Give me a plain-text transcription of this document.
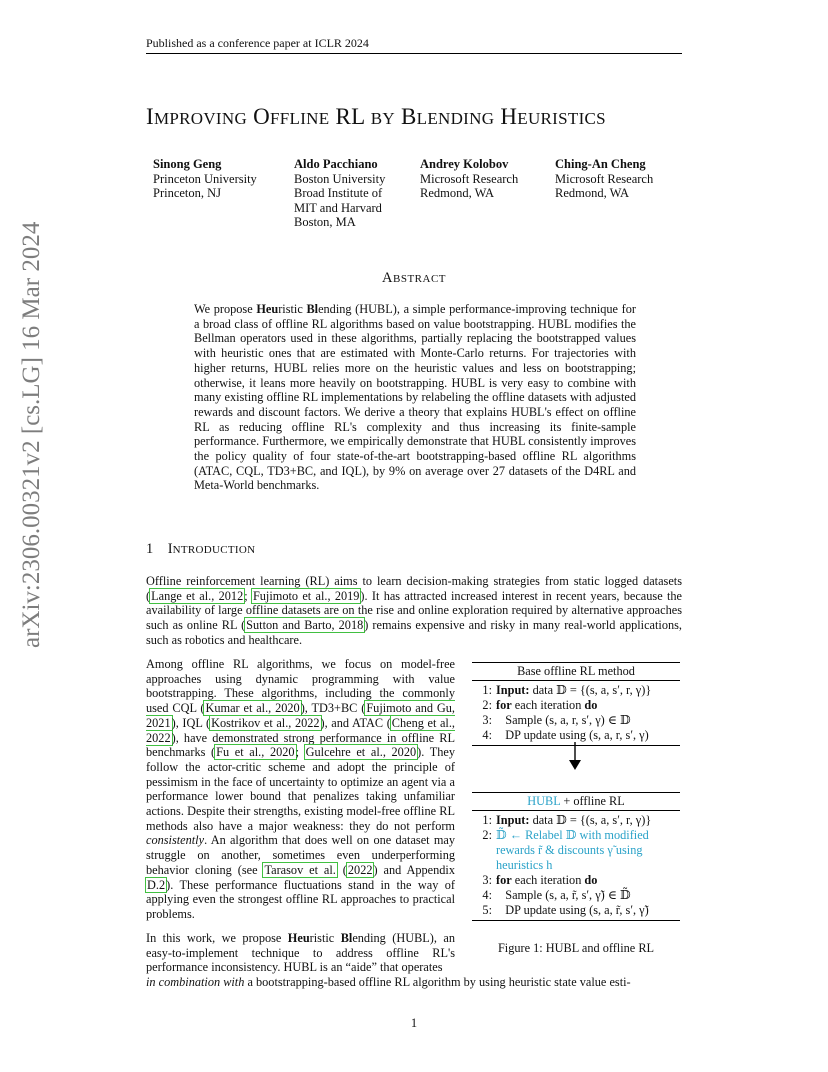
Published as a conference paper at ICLR 2024
IMPROVING OFFLINE RL BY BLENDING HEURISTICS
Sinong Geng
Princeton University
Princeton, NJ
Aldo Pacchiano
Boston University
Broad Institute of
MIT and Harvard
Boston, MA
Andrey Kolobov
Microsoft Research
Redmond, WA
Ching-An Cheng
Microsoft Research
Redmond, WA
arXiv:2306.00321v2 [cs.LG] 16 Mar 2024	ABSTRACT
We propose Heuristic Blending (HUBL), a simple performance-improving technique for a broad class of offline RL algorithms based on value bootstrapping. HUBL modifies the Bellman operators used in these algorithms, partially replacing the bootstrapped values with heuristic ones that are estimated with Monte-Carlo returns. For trajectories with higher returns, HUBL relies more on the heuristic values and less on bootstrapping; otherwise, it leans more heavily on bootstrapping. HUBL is very easy to combine with many existing offline RL implementations by relabeling the offline datasets with adjusted rewards and discount factors. We derive a theory that explains HUBL's effect on offline RL as reducing offline RL's complexity and thus increasing its finite-sample performance. Furthermore, we empirically demonstrate that HUBL consistently improves the policy quality of four state-of-the-art bootstrapping-based offline RL algorithms (ATAC, CQL, TD3+BC, and IQL), by 9% on average over 27 datasets of the D4RL and Meta-World benchmarks.
1 INTRODUCTION
Offline reinforcement learning (RL) aims to learn decision-making strategies from static logged datasets (Lange et al., 2012; Fujimoto et al., 2019). It has attracted increased interest in recent years, because the availability of large offline datasets are on the rise and online exploration required by alternative approaches such as online RL (Sutton and Barto, 2018) remains expensive and risky in many real-world applications, such as robotics and healthcare.
Among offline RL algorithms, we focus on model-free approaches using dynamic programming with value bootstrapping. These algorithms, including the commonly used CQL (Kumar et al., 2020), TD3+BC (Fujimoto and Gu, 2021), IQL (Kostrikov et al., 2022), and ATAC (Cheng et al., 2022), have demonstrated strong performance in offline RL benchmarks (Fu et al., 2020; Gulcehre et al., 2020). They follow the actor-critic scheme and adopt the principle of pessimism in the face of uncertainty to optimize an agent via a performance lower bound that penalizes taking unfamiliar actions. Despite their strengths, existing model-free offline RL methods also have a major weakness: they do not perform consistently. An algorithm that does well on one dataset may struggle on another, sometimes even underperforming behavior cloning (see Tarasov et al. (2022) and Appendix D.2). These performance fluctuations stand in the way of applying even the strongest offline RL approaches to practical problems.
In this work, we propose Heuristic Blending (HUBL), an easy-to-implement technique to address offline RL's performance inconsistency. HUBL is an “aide” that operates
in combination with a bootstrapping-based offline RL algorithm by using heuristic state value esti-
Base offline RL method
1: Input: data 𝔻 = {(s, a, s′, r, γ)}
2: for each iteration do
3: Sample (s, a, r, s′, γ) ∈ 𝔻
4: DP update using (s, a, r, s′, γ)
HUBL + offline RL
1: Input: data 𝔻 = {(s, a, s′, r, γ)}
2: 𝔻̃ ← Relabel 𝔻 with modified
rewards r̃ & discounts γ̃ using
heuristics h
3: for each iteration do
4: Sample (s, a, r̃, s′, γ̃) ∈ 𝔻̃
5: DP update using (s, a, r̃, s′, γ̃)
Figure 1: HUBL and offline RL
1
